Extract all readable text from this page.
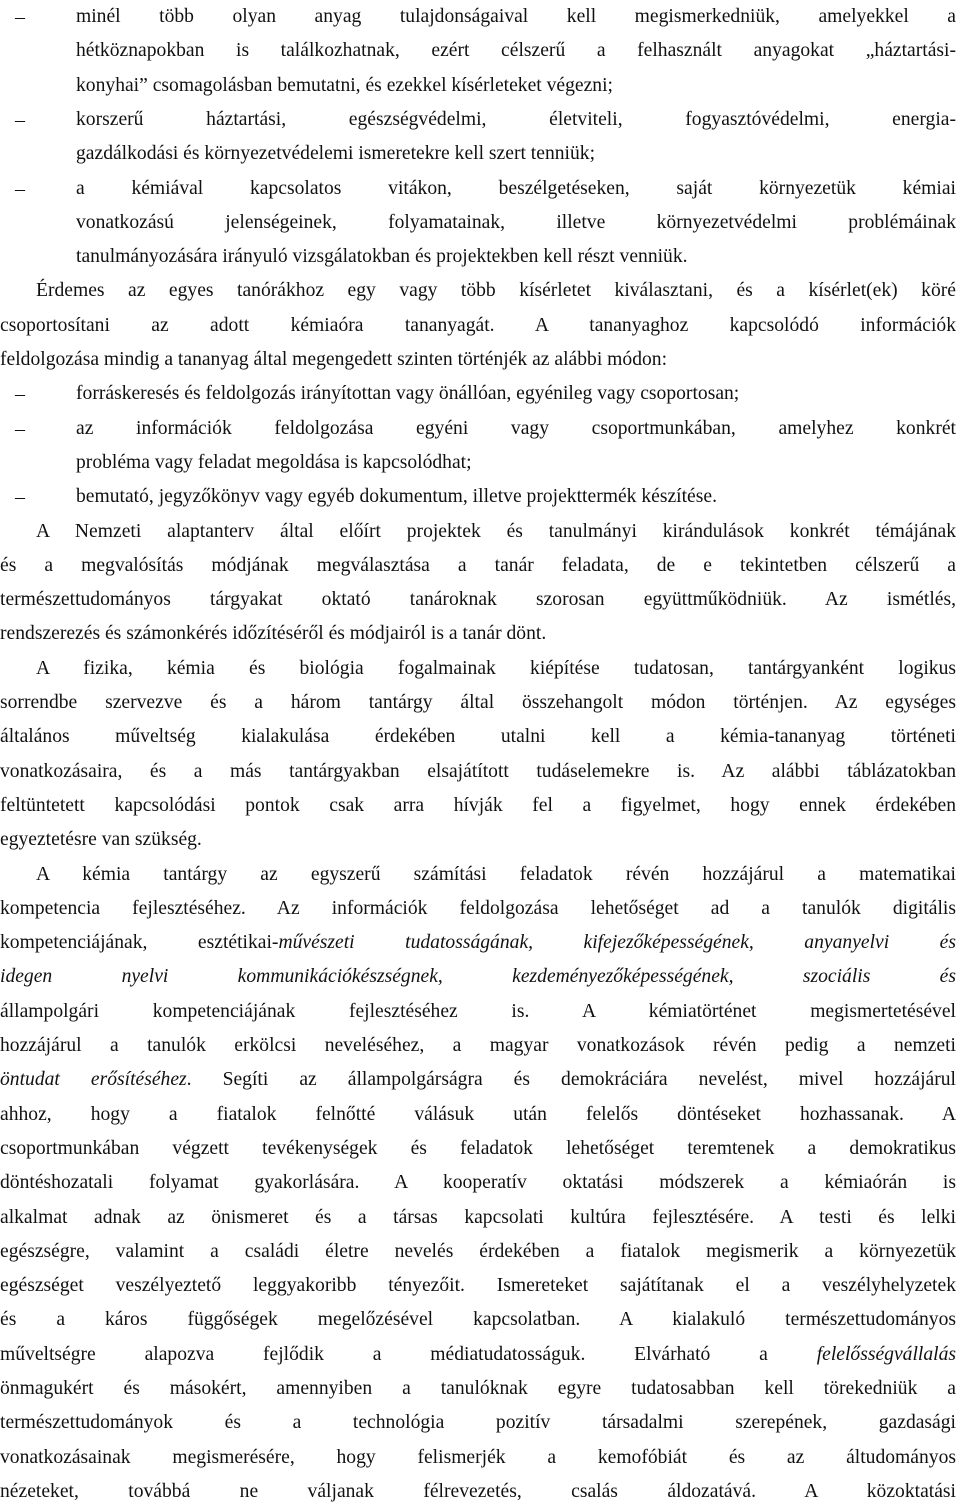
–	minél több olyan anyag tulajdonságaival kell megismerkedniük, amelyekkel a
hétköznapokban is találkozhatnak, ezért célszerű a felhasznált anyagokat „háztartási-
konyhai” csomagolásban bemutatni, és ezekkel kísérleteket végezni;
–	korszerű háztartási, egészségvédelmi, életviteli, fogyasztóvédelmi, energia-
gazdálkodási és környezetvédelemi ismeretekre kell szert tenniük;
–	a kémiával kapcsolatos vitákon, beszélgetéseken, saját környezetük kémiai
vonatkozású jelenségeinek, folyamatainak, illetve környezetvédelmi problémáinak
tanulmányozására irányuló vizsgálatokban és projektekben kell részt venniük.
Érdemes az egyes tanórákhoz egy vagy több kísérletet kiválasztani, és a kísérlet(ek) köré
csoportosítani az adott kémiaóra tananyagát. A tananyaghoz kapcsolódó információk
feldolgozása mindig a tananyag által megengedett szinten történjék az alábbi módon:
–	forráskeresés és feldolgozás irányítottan vagy önállóan, egyénileg vagy csoportosan;
–	az információk feldolgozása egyéni vagy csoportmunkában, amelyhez konkrét
probléma vagy feladat megoldása is kapcsolódhat;
–	bemutató, jegyzőkönyv vagy egyéb dokumentum, illetve projekttermék készítése.
A Nemzeti alaptanterv által előírt projektek és tanulmányi kirándulások konkrét témájának
és a megvalósítás módjának megválasztása a tanár feladata, de e tekintetben célszerű a
természettudományos tárgyakat oktató tanároknak szorosan együttműködniük. Az ismétlés,
rendszerezés és számonkérés időzítéséről és módjairól is a tanár dönt.
A fizika, kémia és biológia fogalmainak kiépítése tudatosan, tantárgyanként logikus
sorrendbe szervezve és a három tantárgy által összehangolt módon történjen. Az egységes
általános műveltség kialakulása érdekében utalni kell a kémia-tananyag történeti
vonatkozásaira, és a más tantárgyakban elsajátított tudáselemekre is. Az alábbi táblázatokban
feltüntetett kapcsolódási pontok csak arra hívják fel a figyelmet, hogy ennek érdekében
egyeztetésre van szükség.
A kémia tantárgy az egyszerű számítási feladatok révén hozzájárul a matematikai
kompetencia fejlesztéséhez. Az információk feldolgozása lehetőséget ad a tanulók digitális
kompetenciájának, esztétikai-művészeti tudatosságának, kifejezőképességének, anyanyelvi és
idegen nyelvi kommunikációkészségnek, kezdeményezőképességének, szociális és
állampolgári kompetenciájának fejlesztéséhez is. A kémiatörténet megismertetésével
hozzájárul a tanulók erkölcsi neveléséhez, a magyar vonatkozások révén pedig a nemzeti
öntudat erősítéséhez. Segíti az állampolgárságra és demokráciára nevelést, mivel hozzájárul
ahhoz, hogy a fiatalok felnőtté válásuk után felelős döntéseket hozhassanak. A
csoportmunkában végzett tevékenységek és feladatok lehetőséget teremtenek a demokratikus
döntéshozatali folyamat gyakorlására. A kooperatív oktatási módszerek a kémiaórán is
alkalmat adnak az önismeret és a társas kapcsolati kultúra fejlesztésére. A testi és lelki
egészségre, valamint a családi életre nevelés érdekében a fiatalok megismerik a környezetük
egészséget veszélyeztető leggyakoribb tényezőit. Ismereteket sajátítanak el a veszélyhelyzetek
és a káros függőségek megelőzésével kapcsolatban. A kialakuló természettudományos
műveltségre alapozva fejlődik a médiatudatosságuk. Elvárható a felelősségvállalás
önmagukért és másokért, amennyiben a tanulóknak egyre tudatosabban kell törekedniük a
természettudományok és a technológia pozitív társadalmi szerepének, gazdasági
vonatkozásainak megismerésére, hogy felismerjék a kemofóbiát és az áltudományos
nézeteket, továbbá ne váljanak félrevezetés, csalás áldozatává. A közoktatási
